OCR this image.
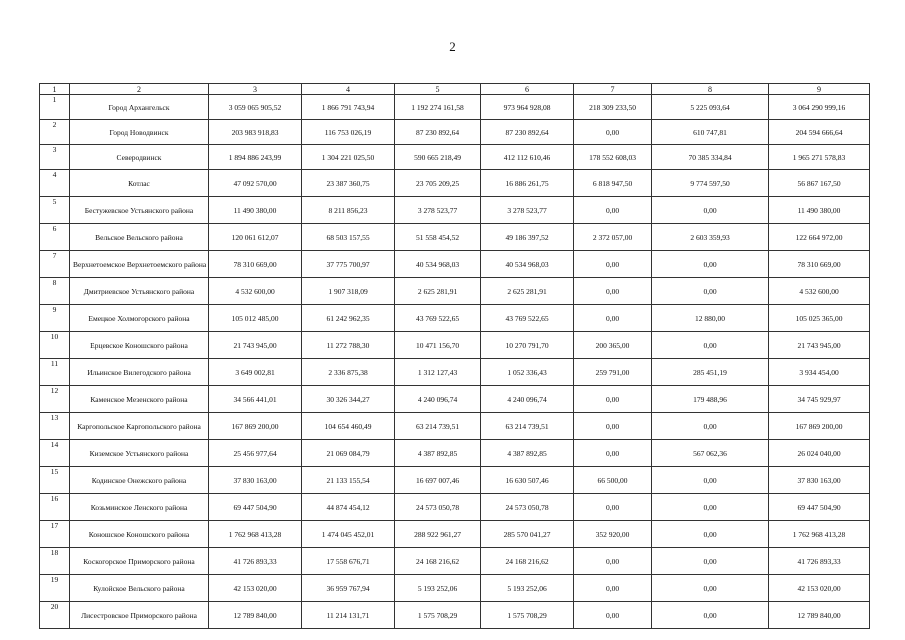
2
1	2	3	4	5	6	7	8	9
1	Город Архангельск	3 059 065 905,52	1 866 791 743,94	1 192 274 161,58	973 964 928,08	218 309 233,50	5 225 093,64	3 064 290 999,16
2	Город Новодвинск	203 983 918,83	116 753 026,19	87 230 892,64	87 230 892,64	0,00	610 747,81	204 594 666,64
3	Северодвинск	1 894 886 243,99	1 304 221 025,50	590 665 218,49	412 112 610,46	178 552 608,03	70 385 334,84	1 965 271 578,83
4	Котлас	47 092 570,00	23 387 360,75	23 705 209,25	16 886 261,75	6 818 947,50	9 774 597,50	56 867 167,50
5	Бестужевское Устьянского района	11 490 380,00	8 211 856,23	3 278 523,77	3 278 523,77	0,00	0,00	11 490 380,00
6	Вельское Вельского района	120 061 612,07	68 503 157,55	51 558 454,52	49 186 397,52	2 372 057,00	2 603 359,93	122 664 972,00
7	Верхнетоемское Верхнетоемского района	78 310 669,00	37 775 700,97	40 534 968,03	40 534 968,03	0,00	0,00	78 310 669,00
8	Дмитриевское Устьянского района	4 532 600,00	1 907 318,09	2 625 281,91	2 625 281,91	0,00	0,00	4 532 600,00
9	Емецкое Холмогорского района	105 012 485,00	61 242 962,35	43 769 522,65	43 769 522,65	0,00	12 880,00	105 025 365,00
10	Ерцевское Коношского района	21 743 945,00	11 272 788,30	10 471 156,70	10 270 791,70	200 365,00	0,00	21 743 945,00
11	Ильинское Вилегодского района	3 649 002,81	2 336 875,38	1 312 127,43	1 052 336,43	259 791,00	285 451,19	3 934 454,00
12	Каменское Мезенского района	34 566 441,01	30 326 344,27	4 240 096,74	4 240 096,74	0,00	179 488,96	34 745 929,97
13	Каргопольское Каргопольского района	167 869 200,00	104 654 460,49	63 214 739,51	63 214 739,51	0,00	0,00	167 869 200,00
14	Киземское Устьянского района	25 456 977,64	21 069 084,79	4 387 892,85	4 387 892,85	0,00	567 062,36	26 024 040,00
15	Кодинское Онежского района	37 830 163,00	21 133 155,54	16 697 007,46	16 630 507,46	66 500,00	0,00	37 830 163,00
16	Козьминское Ленского района	69 447 504,90	44 874 454,12	24 573 050,78	24 573 050,78	0,00	0,00	69 447 504,90
17	Коношское Коношского района	1 762 968 413,28	1 474 045 452,01	288 922 961,27	285 570 041,27	352 920,00	0,00	1 762 968 413,28
18	Коскогорское Приморского района	41 726 893,33	17 558 676,71	24 168 216,62	24 168 216,62	0,00	0,00	41 726 893,33
19	Кулойское Вельского района	42 153 020,00	36 959 767,94	5 193 252,06	5 193 252,06	0,00	0,00	42 153 020,00
20	Лисестровское Приморского района	12 789 840,00	11 214 131,71	1 575 708,29	1 575 708,29	0,00	0,00	12 789 840,00
